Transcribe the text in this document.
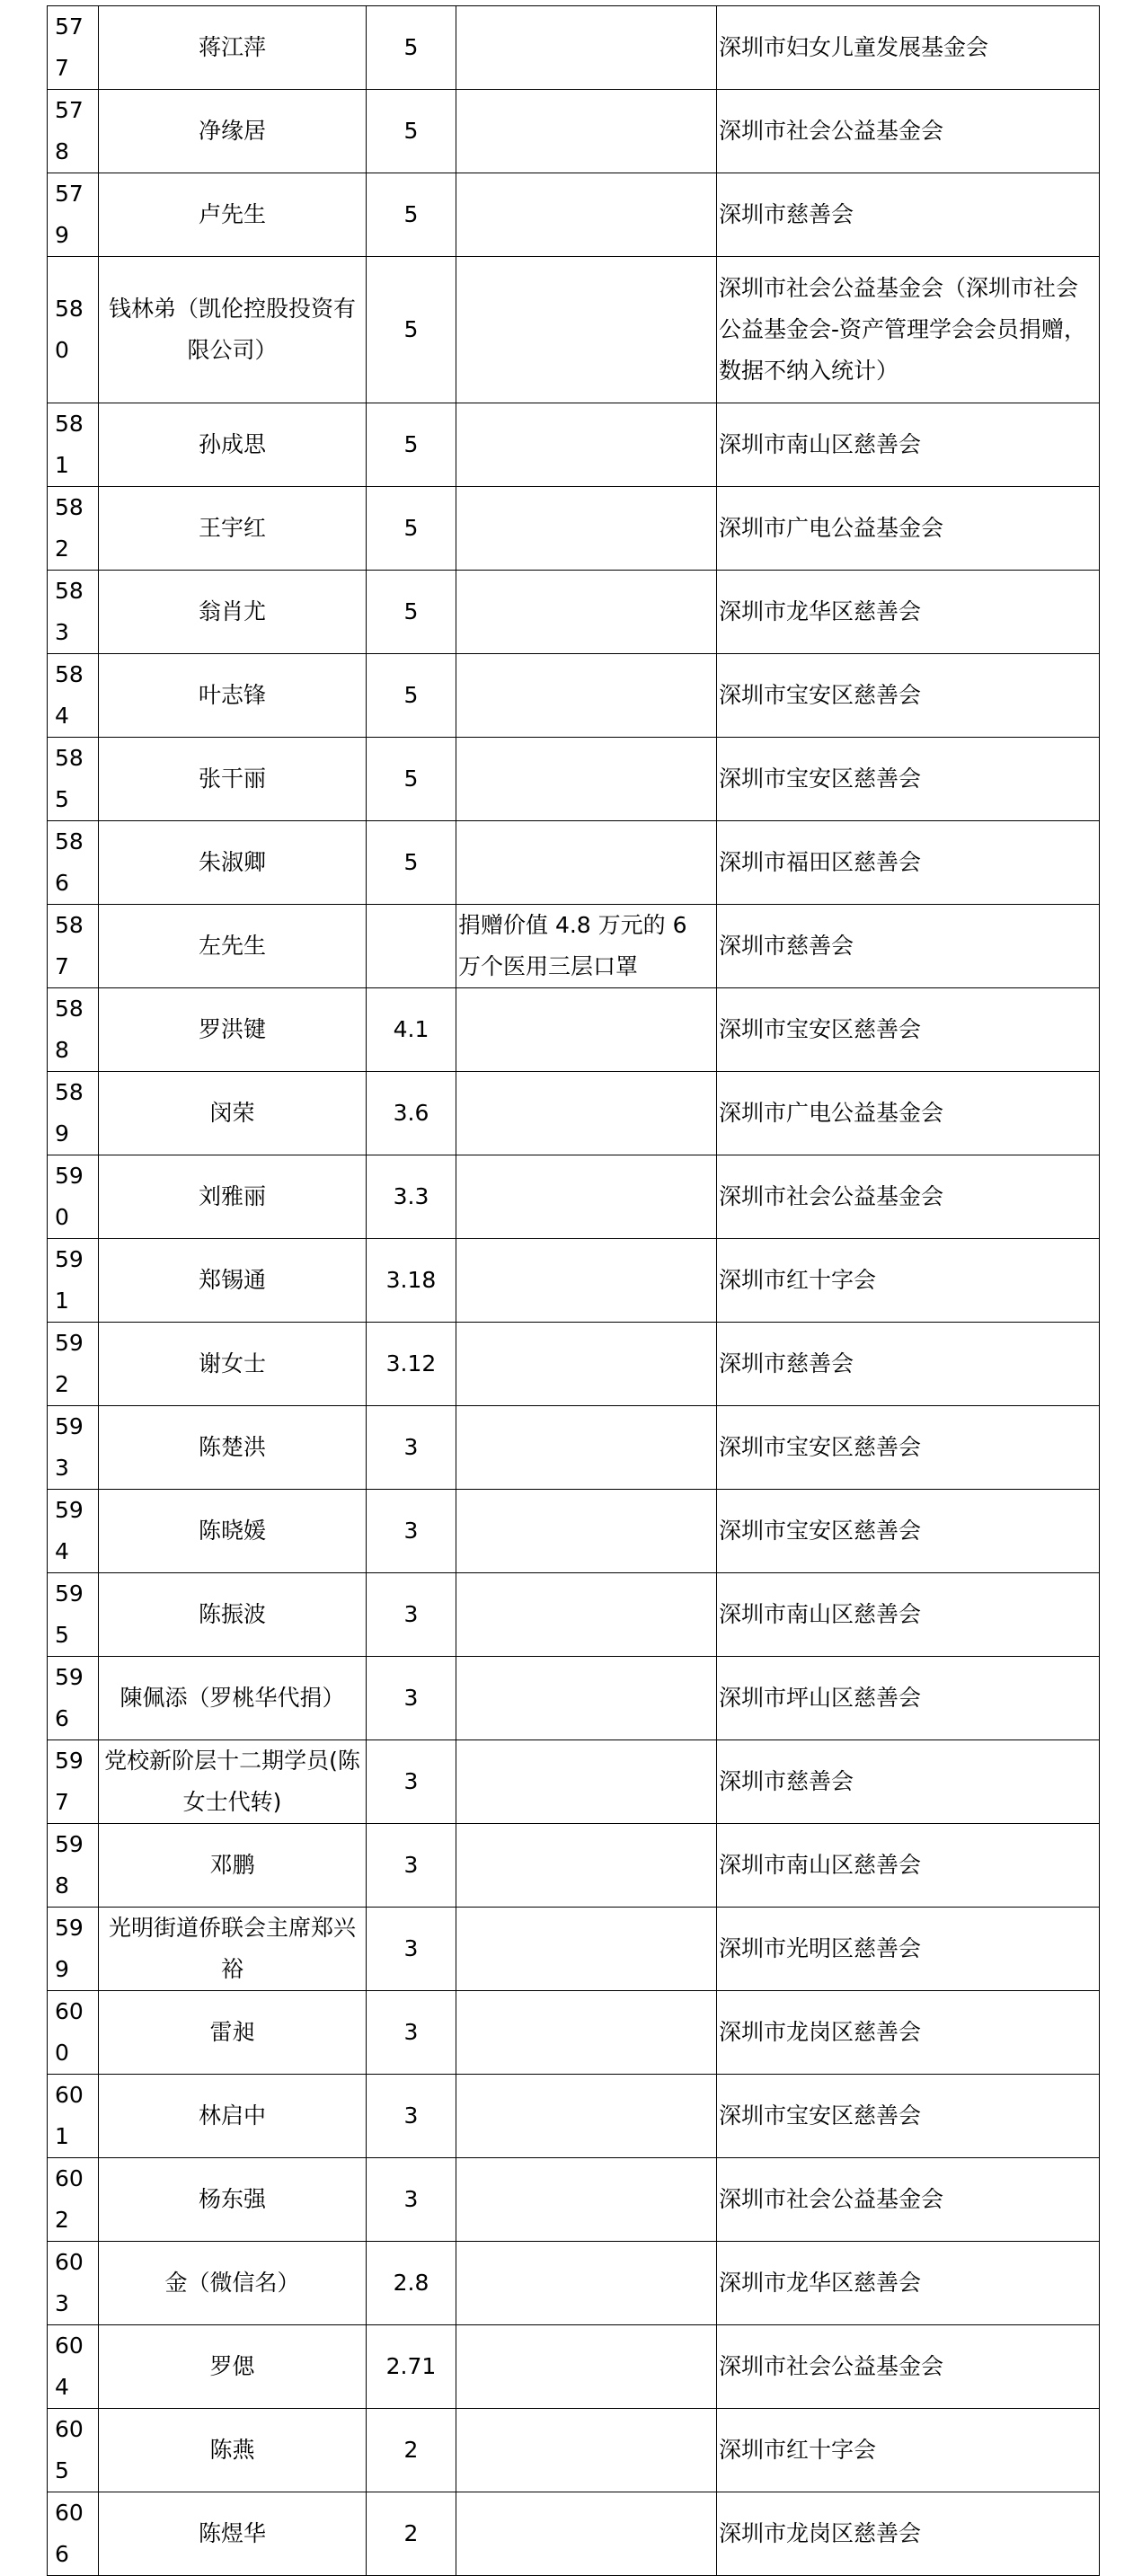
577	蒋江萍	5		深圳市妇女儿童发展基金会
578	净缘居	5		深圳市社会公益基金会
579	卢先生	5		深圳市慈善会
580	钱林弟（凯伦控股投资有限公司）	5		深圳市社会公益基金会（深圳市社会公益基金会-资产管理学会会员捐赠，数据不纳入统计）
581	孙成思	5		深圳市南山区慈善会
582	王宇红	5		深圳市广电公益基金会
583	翁肖尤	5		深圳市龙华区慈善会
584	叶志锋	5		深圳市宝安区慈善会
585	张干丽	5		深圳市宝安区慈善会
586	朱淑卿	5		深圳市福田区慈善会
587	左先生		捐赠价值 4.8 万元的 6 万个医用三层口罩	深圳市慈善会
588	罗洪键	4.1		深圳市宝安区慈善会
589	闵荣	3.6		深圳市广电公益基金会
590	刘雅丽	3.3		深圳市社会公益基金会
591	郑锡通	3.18		深圳市红十字会
592	谢女士	3.12		深圳市慈善会
593	陈楚洪	3		深圳市宝安区慈善会
594	陈晓媛	3		深圳市宝安区慈善会
595	陈振波	3		深圳市南山区慈善会
596	陳佩添（罗桃华代捐）	3		深圳市坪山区慈善会
597	党校新阶层十二期学员(陈女士代转)	3		深圳市慈善会
598	邓鹏	3		深圳市南山区慈善会
599	光明街道侨联会主席郑兴裕	3		深圳市光明区慈善会
600	雷昶	3		深圳市龙岗区慈善会
601	林启中	3		深圳市宝安区慈善会
602	杨东强	3		深圳市社会公益基金会
603	金（微信名）	2.8		深圳市龙华区慈善会
604	罗偲	2.71		深圳市社会公益基金会
605	陈燕	2		深圳市红十字会
606	陈煜华	2		深圳市龙岗区慈善会
